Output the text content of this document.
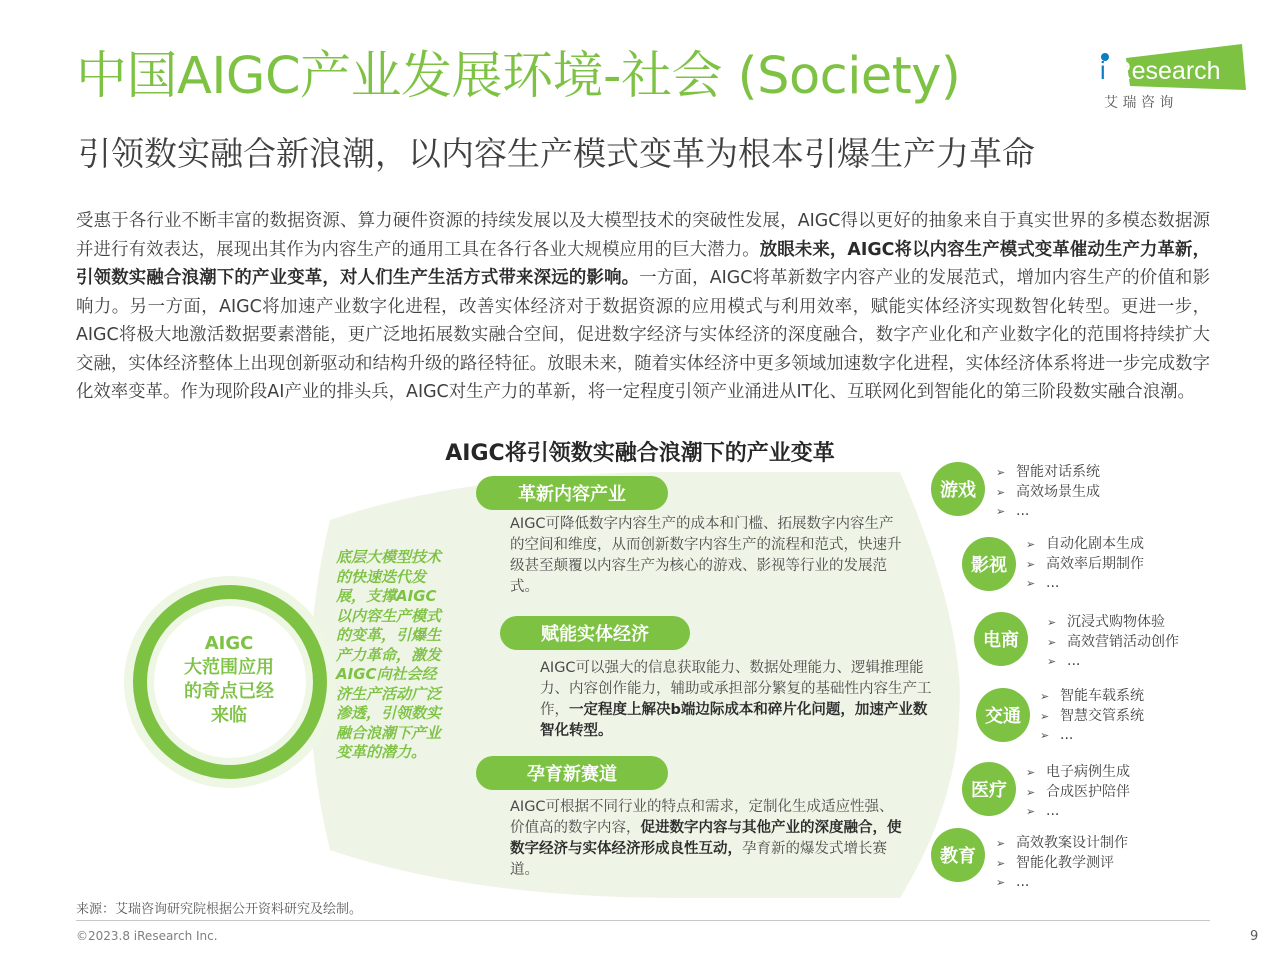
中国AIGC产业发展环境-社会 (Society)
引领数实融合新浪潮，以内容生产模式变革为根本引爆生产力革命
i iResearch
艾 瑞 咨 询
受惠于各行业不断丰富的数据资源、算力硬件资源的持续发展以及大模型技术的突破性发展，AIGC得以更好的抽象来自于真实世界的多模态数据源并进行有效表达，展现出其作为内容生产的通用工具在各行各业大规模应用的巨大潜力。放眼未来，AIGC将以内容生产模式变革催动生产力革新，引领数实融合浪潮下的产业变革，对人们生产生活方式带来深远的影响。一方面，AIGC将革新数字内容产业的发展范式，增加内容生产的价值和影响力。另一方面，AIGC将加速产业数字化进程，改善实体经济对于数据资源的应用模式与利用效率，赋能实体经济实现数智化转型。更进一步，AIGC将极大地激活数据要素潜能，更广泛地拓展数实融合空间，促进数字经济与实体经济的深度融合，数字产业化和产业数字化的范围将持续扩大交融，实体经济整体上出现创新驱动和结构升级的路径特征。放眼未来，随着实体经济中更多领域加速数字化进程，实体经济体系将进一步完成数字化效率变革。作为现阶段AI产业的排头兵，AIGC对生产力的革新，将一定程度引领产业涌进从IT化、互联网化到智能化的第三阶段数实融合浪潮。
AIGC将引领数实融合浪潮下的产业变革
AIGC
大范围应用
的奇点已经
来临
底层大模型技术的快速迭代发展，支撑AIGC以内容生产模式的变革，引爆生产力革命，激发AIGC向社会经济生产活动广泛渗透，引领数实融合浪潮下产业变革的潜力。
革新内容产业
AIGC可降低数字内容生产的成本和门槛、拓展数字内容生产的空间和维度，从而创新数字内容生产的流程和范式，快速升级甚至颠覆以内容生产为核心的游戏、影视等行业的发展范式。
赋能实体经济
AIGC可以强大的信息获取能力、数据处理能力、逻辑推理能力、内容创作能力，辅助或承担部分繁复的基础性内容生产工作，一定程度上解决b端边际成本和碎片化问题，加速产业数智化转型。
孕育新赛道
AIGC可根据不同行业的特点和需求，定制化生成适应性强、价值高的数字内容，促进数字内容与其他产业的深度融合，使数字经济与实体经济形成良性互动，孕育新的爆发式增长赛道。
游戏
➢ 智能对话系统
➢ 高效场景生成
➢ ...
影视
➢ 自动化剧本生成
➢ 高效率后期制作
➢ ...
电商
➢ 沉浸式购物体验
➢ 高效营销活动创作
➢ ...
交通
➢ 智能车载系统
➢ 智慧交管系统
➢ ...
医疗
➢ 电子病例生成
➢ 合成医护陪伴
➢ ...
教育
➢ 高效教案设计制作
➢ 智能化教学测评
➢ ...
来源：艾瑞咨询研究院根据公开资料研究及绘制。
©2023.8 iResearch Inc.	9
